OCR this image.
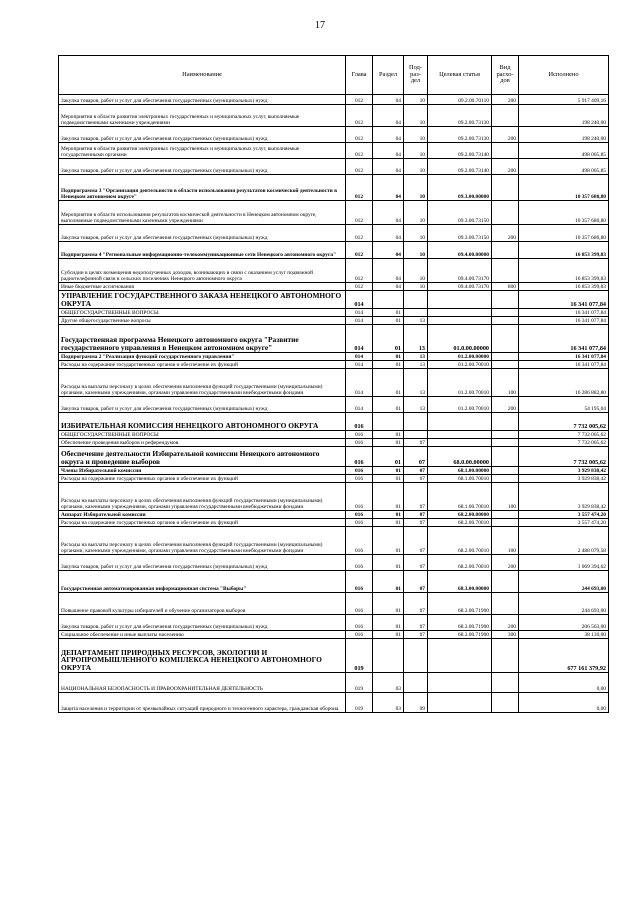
17
Наименование	Глава	Раздел	Под-раз-дел	Целевая статья	Вид расхо-дов	Исполнено
Закупка товаров, работ и услуг для обеспечения государственных (муниципальных) нужд	012	04	10	09.2.00.70110	200	5 917 409,16
Мероприятия в области развития электронных государственных и муниципальных услуг, выполняемые подведомственными казенными учреждениями	012	04	10	09.2.00.73130		198 240,00
Закупка товаров, работ и услуг для обеспечения государственных (муниципальных) нужд	012	04	10	09.2.00.73130	200	198 240,00
Мероприятия в области развития электронных государственных и муниципальных услуг, выполняемые государственными органами	012	04	10	09.2.00.73140		498 005,85
Закупка товаров, работ и услуг для обеспечения государственных (муниципальных) нужд	012	04	10	09.2.00.73140	200	498 005,85
Подпрограмма 3 "Организация деятельности в области использования результатов космической деятельности в Ненецком автономном округе"	012	04	10	09.3.00.00000		10 357 680,80
Мероприятия в области использования результатов космической деятельности в Ненецком автономном округе, выполняемые подведомственными казенными учреждениями	012	04	10	09.3.00.73150		10 357 680,80
Закупка товаров, работ и услуг для обеспечения государственных (муниципальных) нужд	012	04	10	09.3.00.73150	200	10 357 680,80
Подпрограмма 4 "Региональные информационно-телекоммуникационные сети Ненецкого автономного округа"	012	04	10	09.4.00.00000		16 853 399,83
Субсидии в целях возмещения недополученных доходов, возникающих в связи с оказанием услуг подвижной радиотелефонной связи в сельских поселениях Ненецкого автономного округа	012	04	10	09.4.00.73170		16 853 399,83
Иные бюджетные ассигнования	012	04	10	09.4.00.73170	800	16 853 399,83
УПРАВЛЕНИЕ ГОСУДАРСТВЕННОГО ЗАКАЗА НЕНЕЦКОГО АВТОНОМНОГО ОКРУГА	014					16 341 077,84
ОБЩЕГОСУДАРСТВЕННЫЕ ВОПРОСЫ	014	01				16 341 077,84
Другие общегосударственные вопросы	014	01	13			16 341 077,84
Государственная программа Ненецкого автономного округа "Развитие государственного управления в Ненецком автономном округе"	014	01	13	01.0.00.00000		16 341 077,84
Подпрограмма 2 "Реализация функций государственного управления"	014	01	13	01.2.00.00000		16 341 077,84
Расходы на содержание государственных органов и обеспечение их функций	014	01	13	01.2.00.70010		16 341 077,84
Расходы на выплаты персоналу в целях обеспечения выполнения функций государственными (муниципальными) органами, казенными учреждениями, органами управления государственными внебюджетными фондами	014	01	13	01.2.00.70010	100	16 286 882,80
Закупка товаров, работ и услуг для обеспечения государственных (муниципальных) нужд	014	01	13	01.2.00.70010	200	54 195,04
ИЗБИРАТЕЛЬНАЯ КОМИССИЯ НЕНЕЦКОГО АВТОНОМНОГО ОКРУГА	016					7 732 005,62
ОБЩЕГОСУДАРСТВЕННЫЕ ВОПРОСЫ	016	01				7 732 005,62
Обеспечение проведения выборов и референдумов	016	01	07			7 732 005,62
Обеспечение деятельности Избирательной комиссии Ненецкого автономного округа и проведение выборов	016	01	07	68.0.00.00000		7 732 005,62
Члены Избирательной комиссии	016	01	07	68.1.00.00000		3 929 838,42
Расходы на содержание государственных органов и обеспечение их функций	016	01	07	68.1.00.70010		3 929 838,42
Расходы на выплаты персоналу в целях обеспечения выполнения функций государственными (муниципальными) органами, казенными учреждениями, органами управления государственными внебюджетными фондами	016	01	07	68.1.00.70010	100	3 929 838,42
Аппарат Избирательной комиссии	016	01	07	68.2.00.00000		3 557 474,20
Расходы на содержание государственных органов и обеспечение их функций	016	01	07	68.2.00.70010		3 557 474,20
Расходы на выплаты персоналу в целях обеспечения выполнения функций государственными (муниципальными) органами, казенными учреждениями, органами управления государственными внебюджетными фондами	016	01	07	68.2.00.70010	100	2 488 079,58
Закупка товаров, работ и услуг для обеспечения государственных (муниципальных) нужд	016	01	07	68.2.00.70010	200	1 069 394,62
Государственная автоматизированная информационная система "Выборы"	016	01	07	68.3.00.00000		244 693,00
Повышение правовой культуры избирателей и обучение организаторов выборов	016	01	07	68.3.00.71900		244 693,00
Закупка товаров, работ и услуг для обеспечения государственных (муниципальных) нужд	016	01	07	68.3.00.71900	200	206 563,00
Социальное обеспечение и иные выплаты населению	016	01	07	68.3.00.71900	300	38 130,00
ДЕПАРТАМЕНТ ПРИРОДНЫХ РЕСУРСОВ, ЭКОЛОГИИ И АГРОПРОМЫШЛЕННОГО КОМПЛЕКСА НЕНЕЦКОГО АВТОНОМНОГО ОКРУГА	019					677 161 379,92
НАЦИОНАЛЬНАЯ БЕЗОПАСНОСТЬ И ПРАВООХРАНИТЕЛЬНАЯ ДЕЯТЕЛЬНОСТЬ	019	03				0,00
Защита населения и территории от чрезвычайных ситуаций природного и техногенного характера, гражданская оборона	019	03	09			0,00
